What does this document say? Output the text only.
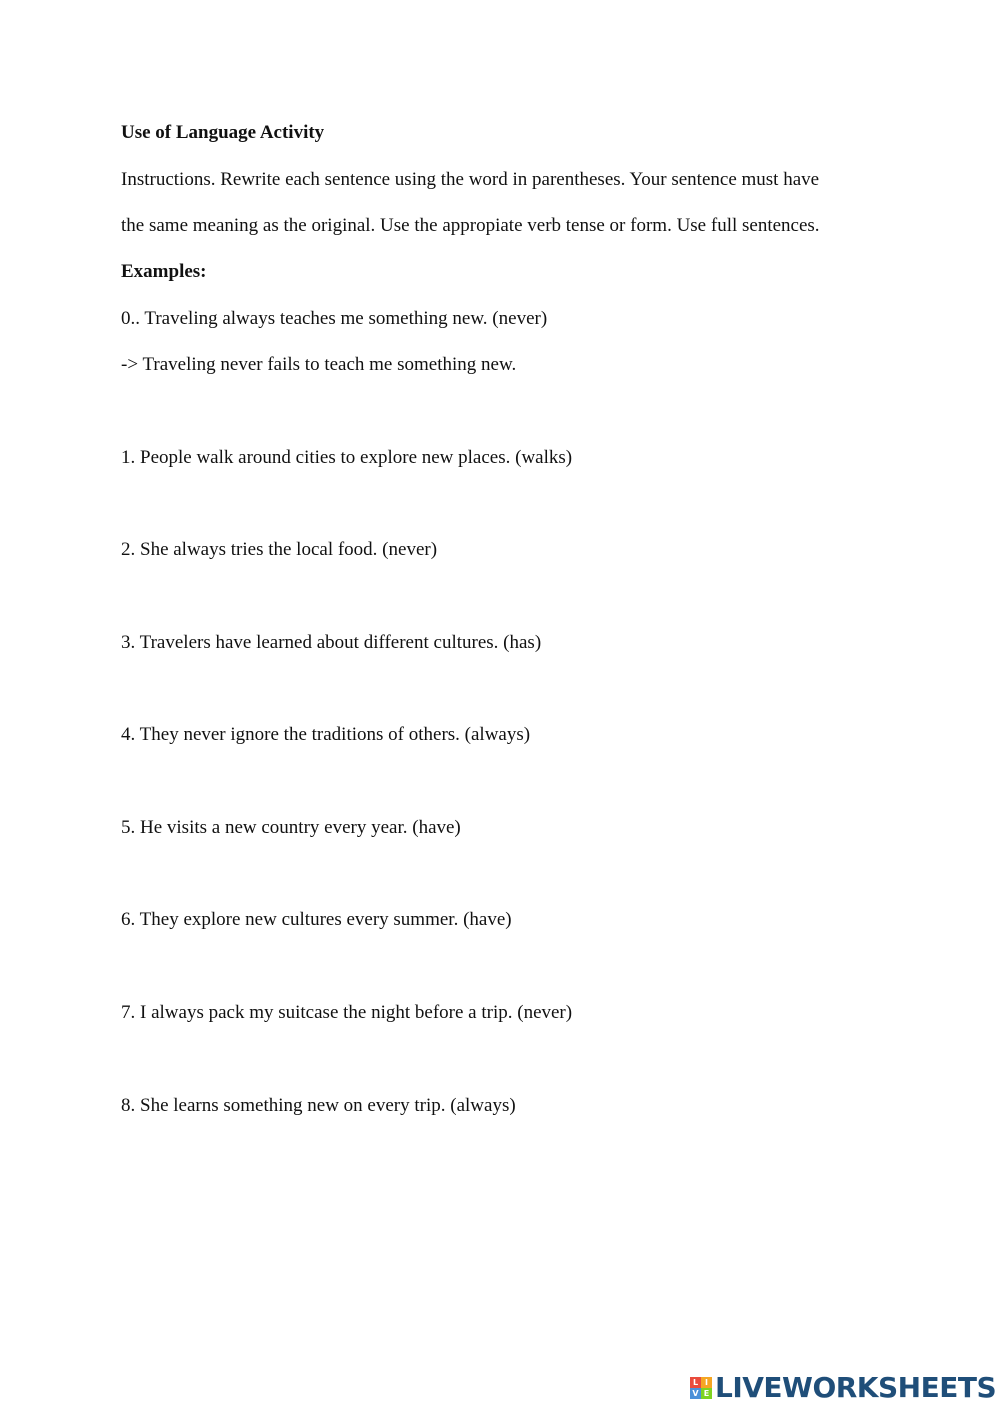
Use of Language Activity
Instructions. Rewrite each sentence using the word in parentheses. Your sentence must have
the same meaning as the original. Use the appropiate verb tense or form. Use full sentences.
Examples:
0.. Traveling always teaches me something new. (never)
-> Traveling never fails to teach me something new.
1. People walk around cities to explore new places. (walks)
2. She always tries the local food. (never)
3. Travelers have learned about different cultures. (has)
4. They never ignore the traditions of others. (always)
5. He visits a new country every year. (have)
6. They explore new cultures every summer. (have)
7. I always pack my suitcase the night before a trip. (never)
8. She learns something new on every trip. (always)
L I
V E LIVEWORKSHEETS
